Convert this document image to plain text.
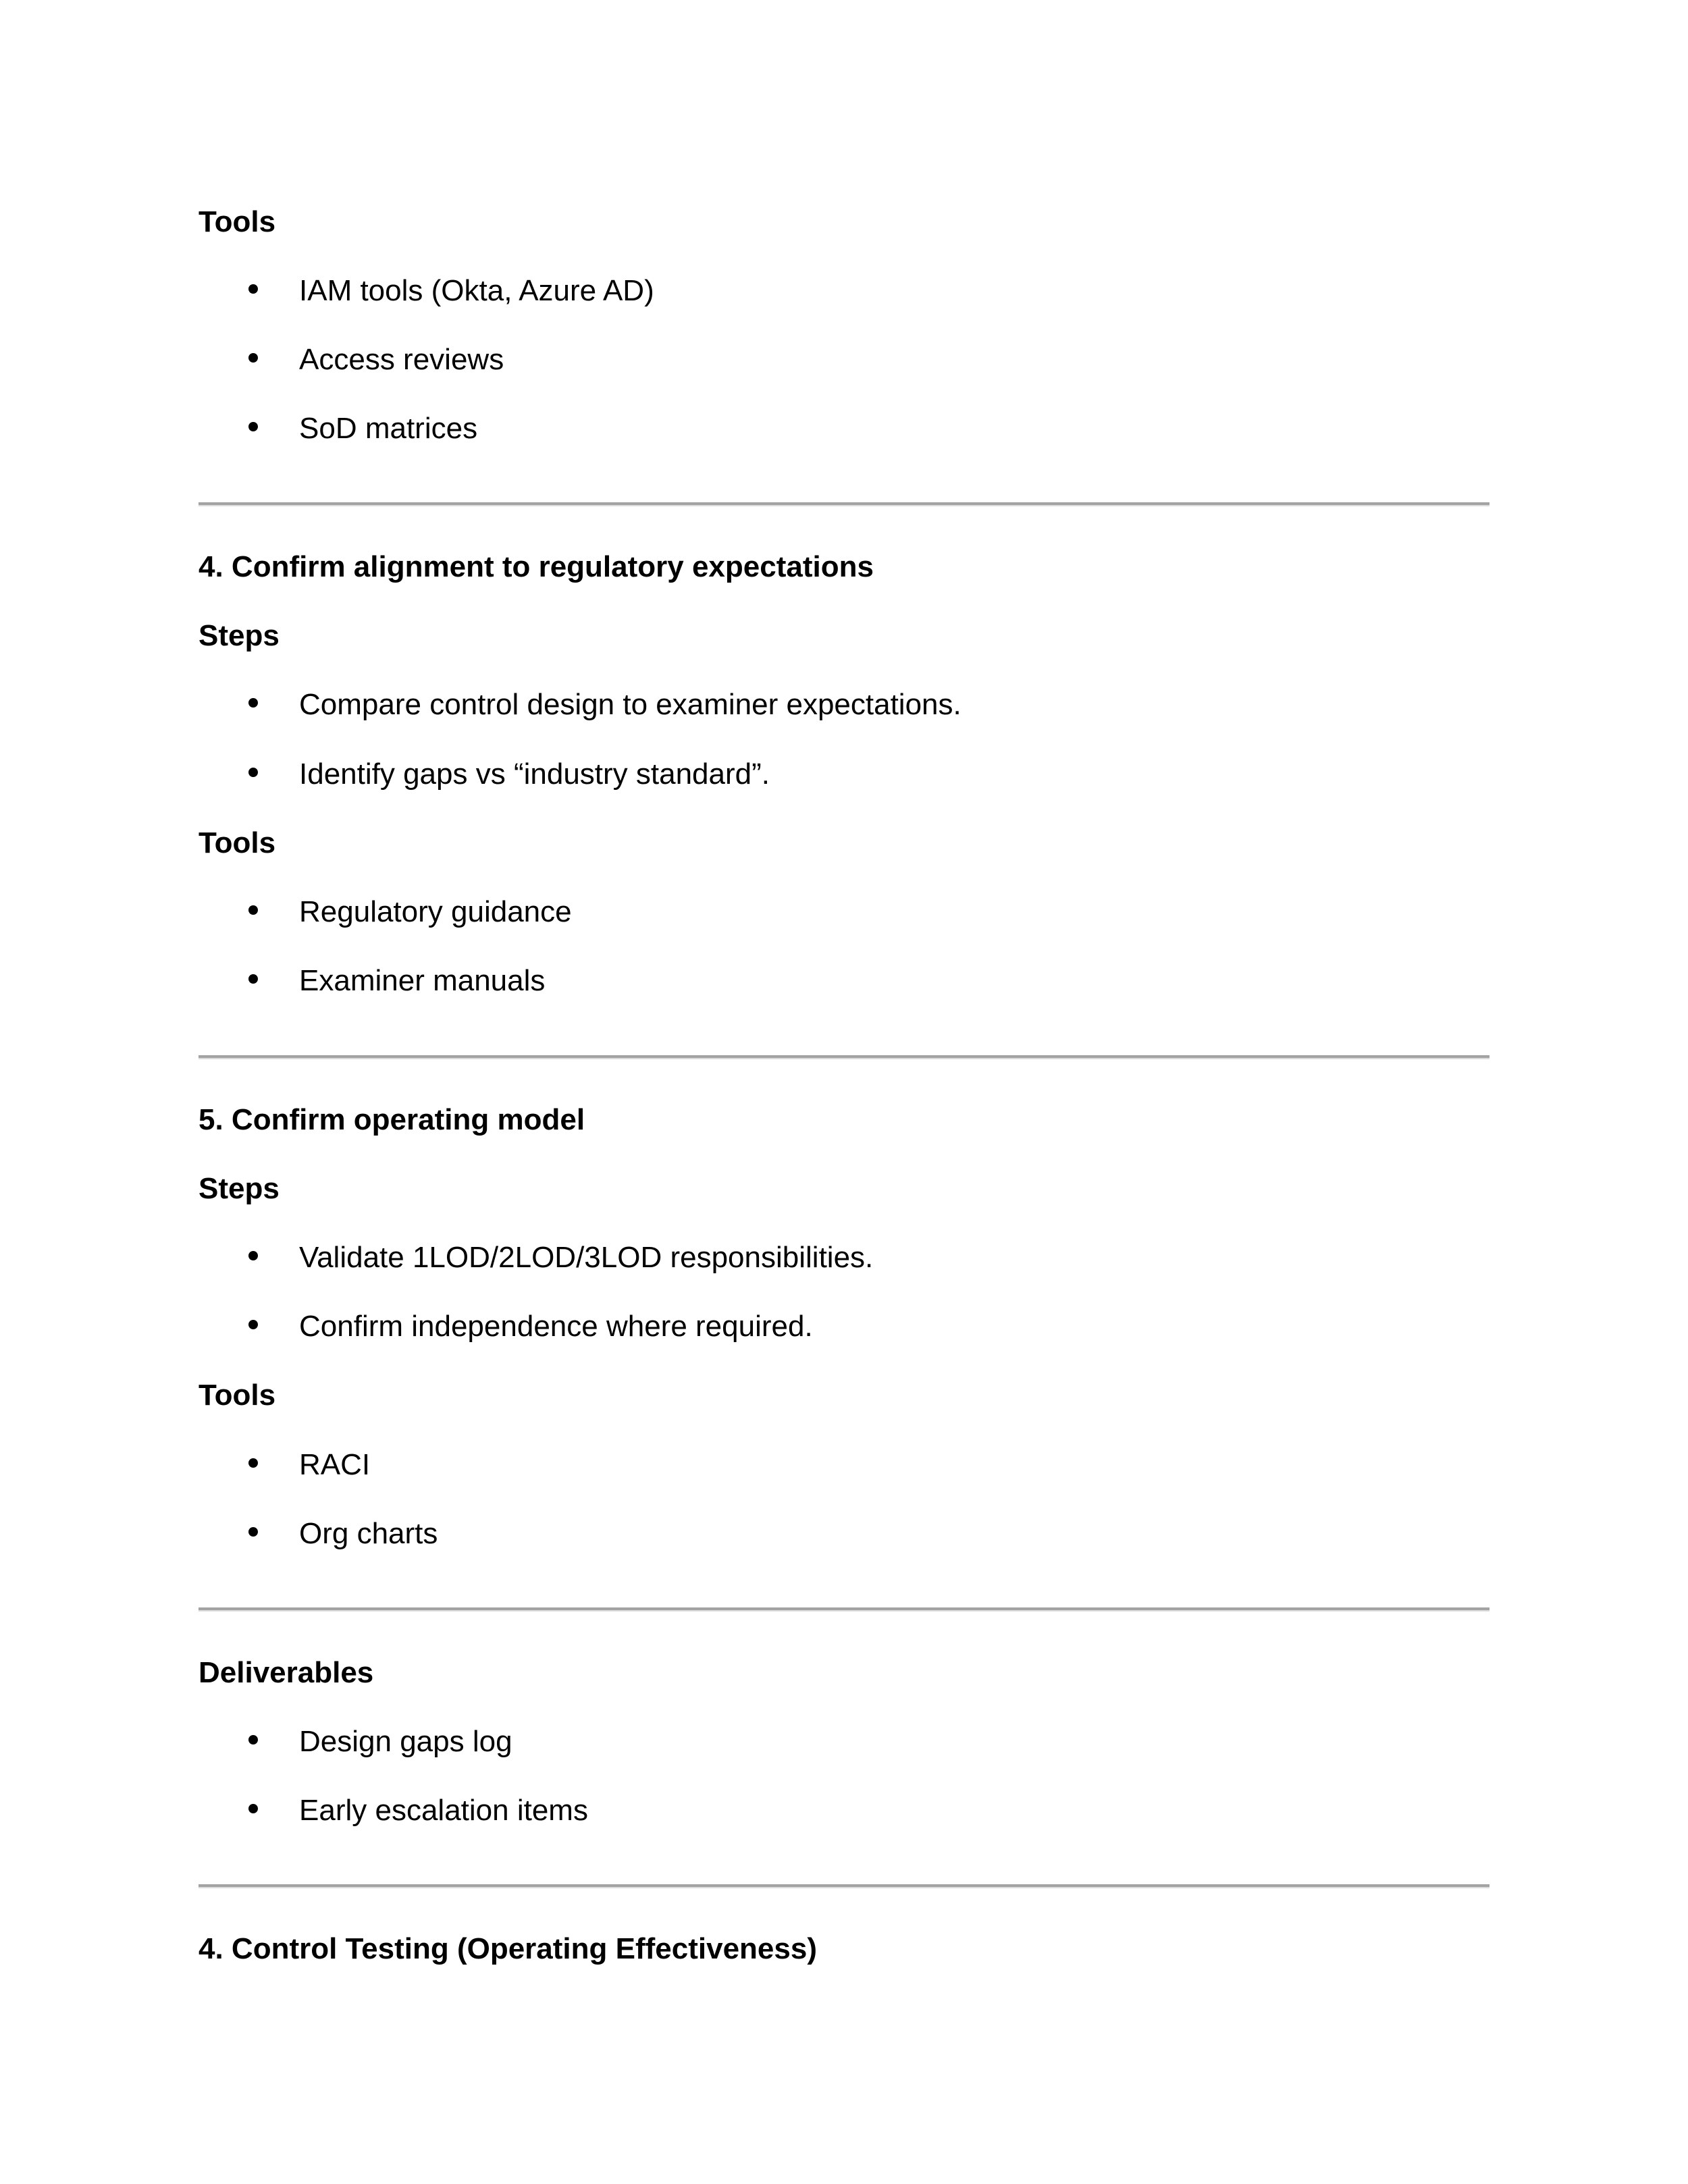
Tools
IAM tools (Okta, Azure AD)
Access reviews
SoD matrices
4. Confirm alignment to regulatory expectations
Steps
Compare control design to examiner expectations.
Identify gaps vs “industry standard”.
Tools
Regulatory guidance
Examiner manuals
5. Confirm operating model
Steps
Validate 1LOD/2LOD/3LOD responsibilities.
Confirm independence where required.
Tools
RACI
Org charts
Deliverables
Design gaps log
Early escalation items
4. Control Testing (Operating Effectiveness)
